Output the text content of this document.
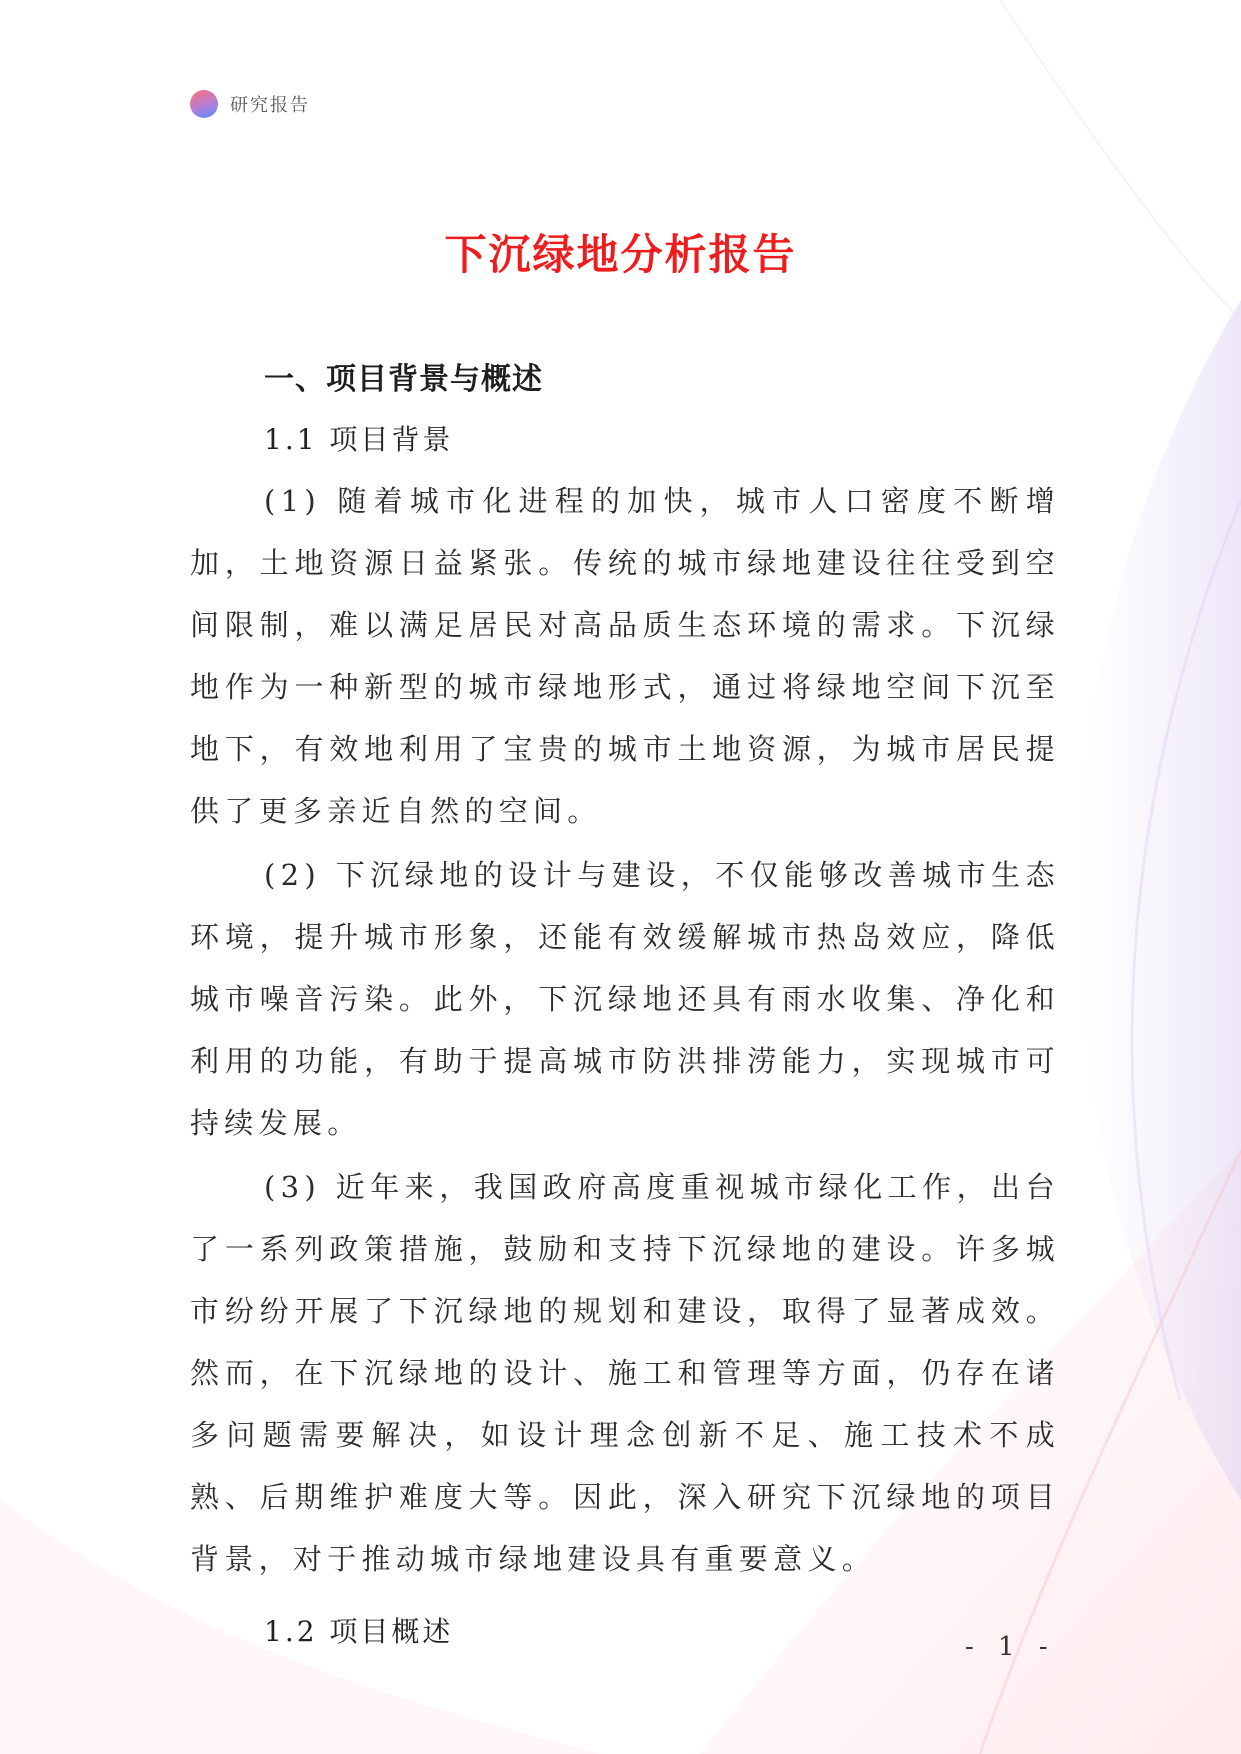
研究报告
下沉绿地分析报告
一、项目背景与概述
1.1 项目背景

(1) 随着城市化进程的加快，城市人口密度不断增加，土地资源日益紧张。传统的城市绿地建设往往受到空间限制，难以满足居民对高品质生态环境的需求。下沉绿地作为一种新型的城市绿地形式，通过将绿地空间下沉至地下，有效地利用了宝贵的城市土地资源，为城市居民提供了更多亲近自然的空间。

(2) 下沉绿地的设计与建设，不仅能够改善城市生态环境，提升城市形象，还能有效缓解城市热岛效应，降低城市噪音污染。此外，下沉绿地还具有雨水收集、净化和利用的功能，有助于提高城市防洪排涝能力，实现城市可持续发展。

(3) 近年来，我国政府高度重视城市绿化工作，出台了一系列政策措施，鼓励和支持下沉绿地的建设。许多城市纷纷开展了下沉绿地的规划和建设，取得了显著成效。然而，在下沉绿地的设计、施工和管理等方面，仍存在诸多问题需要解决，如设计理念创新不足、施工技术不成熟、后期维护难度大等。因此，深入研究下沉绿地的项目背景，对于推动城市绿地建设具有重要意义。

1.2 项目概述	- 1 -
